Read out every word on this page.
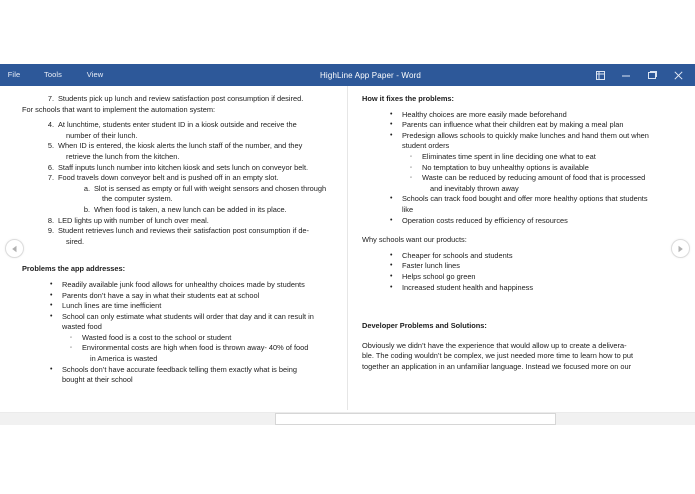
File	Tools	View	HighLine App Paper - Word
7. Students pick up lunch and review satisfaction post consumption if desired.

For schools that want to implement the automation system:

4. At lunchtime, students enter student ID in a kiosk outside and receive the
number of their lunch.
5. When ID is entered, the kiosk alerts the lunch staff of the number, and they
retrieve the lunch from the kitchen.
6. Staff inputs lunch number into kitchen kiosk and sets lunch on conveyor belt.
7. Food travels down conveyor belt and is pushed off in an empty slot.
a. Slot is sensed as empty or full with weight sensors and chosen through
the computer system.
b. When food is taken, a new lunch can be added in its place.
8. LED lights up with number of lunch over meal.
9. Student retrieves lunch and reviews their satisfaction post consumption if de-
sired.

Problems the app addresses:

•	Readily available junk food allows for unhealthy choices made by students
•	Parents don’t have a say in what their students eat at school
•	Lunch lines are time inefficient
•	School can only estimate what students will order that day and it can result in
wasted food
◦	Wasted food is a cost to the school or student
◦	Environmental costs are high when food is thrown away- 40% of food
in America is wasted
•	Schools don’t have accurate feedback telling them exactly what is being
bought at their school

How it fixes the problems:

•	Healthy choices are more easily made beforehand
•	Parents can influence what their children eat by making a meal plan
•	Predesign allows schools to quickly make lunches and hand them out when
student orders
◦	Eliminates time spent in line deciding one what to eat
◦	No temptation to buy unhealthy options is available
◦	Waste can be reduced by reducing amount of food that is processed
and inevitably thrown away
•	Schools can track food bought and offer more healthy options that students
like
•	Operation costs reduced by efficiency of resources

Why schools want our products:

•	Cheaper for schools and students
•	Faster lunch lines
•	Helps school go green
•	Increased student health and happiness

Developer Problems and Solutions:

Obviously we didn’t have the experience that would allow up to create a delivera-

ble. The coding wouldn’t be complex, we just needed more time to learn how to put

together an application in an unfamiliar language. Instead we focused more on our
